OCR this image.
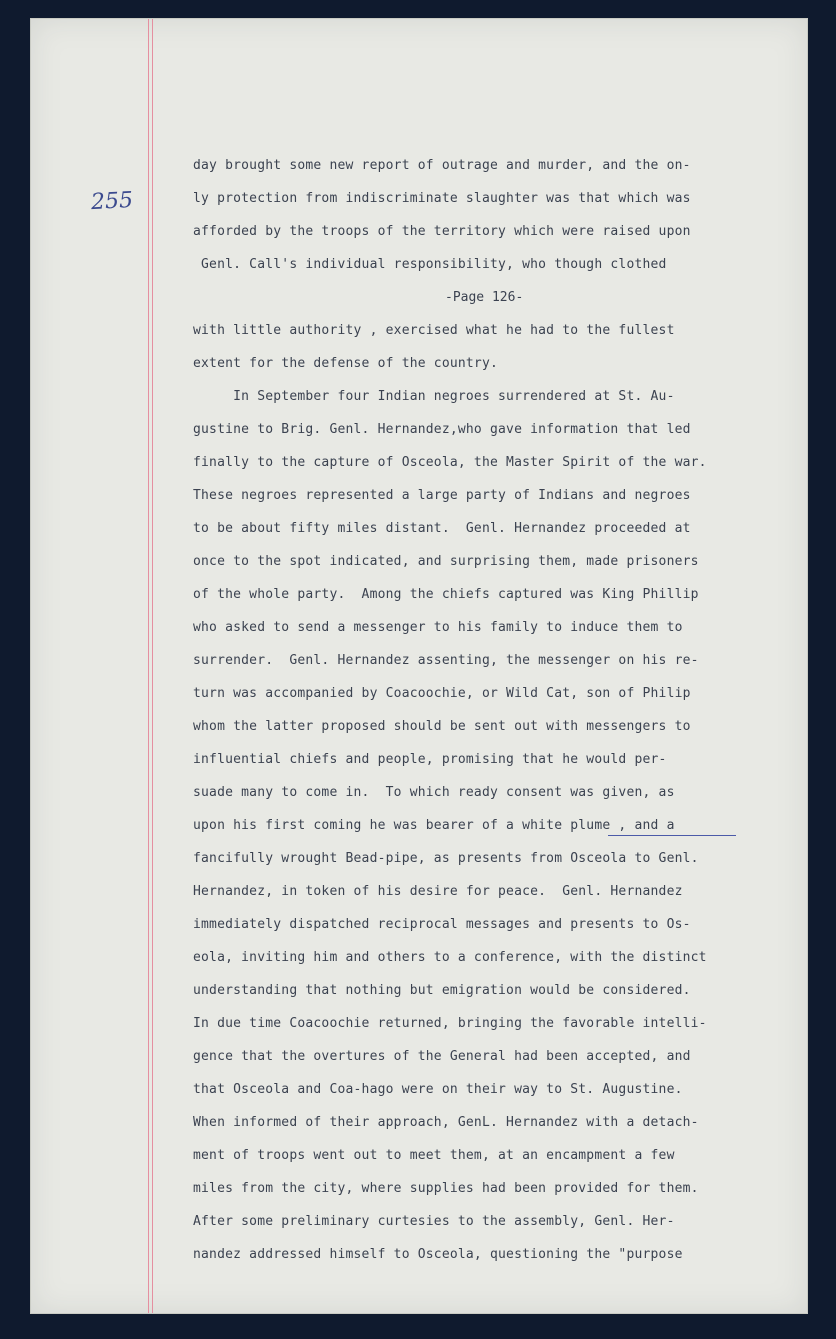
255
day brought some new report of outrage and murder, and the on-
ly protection from indiscriminate slaughter was that which was
afforded by the troops of the territory which were raised upon
Genl. Call's individual responsibility, who though clothed
-Page 126-
with little authority , exercised what he had to the fullest
extent for the defense of the country.
In September four Indian negroes surrendered at St. Au-
gustine to Brig. Genl. Hernandez,who gave information that led
finally to the capture of Osceola, the Master Spirit of the war.
These negroes represented a large party of Indians and negroes
to be about fifty miles distant.  Genl. Hernandez proceeded at
once to the spot indicated, and surprising them, made prisoners
of the whole party.  Among the chiefs captured was King Phillip
who asked to send a messenger to his family to induce them to
surrender.  Genl. Hernandez assenting, the messenger on his re-
turn was accompanied by Coacoochie, or Wild Cat, son of Philip
whom the latter proposed should be sent out with messengers to
influential chiefs and people, promising that he would per-
suade many to come in.  To which ready consent was given, as
upon his first coming he was bearer of a white plume , and a
fancifully wrought Bead-pipe, as presents from Osceola to Genl.
Hernandez, in token of his desire for peace.  Genl. Hernandez
immediately dispatched reciprocal messages and presents to Os-
eola, inviting him and others to a conference, with the distinct
understanding that nothing but emigration would be considered.
In due time Coacoochie returned, bringing the favorable intelli-
gence that the overtures of the General had been accepted, and
that Osceola and Coa-hago were on their way to St. Augustine.
When informed of their approach, GenL. Hernandez with a detach-
ment of troops went out to meet them, at an encampment a few
miles from the city, where supplies had been provided for them.
After some preliminary curtesies to the assembly, Genl. Her-
nandez addressed himself to Osceola, questioning the "purpose
